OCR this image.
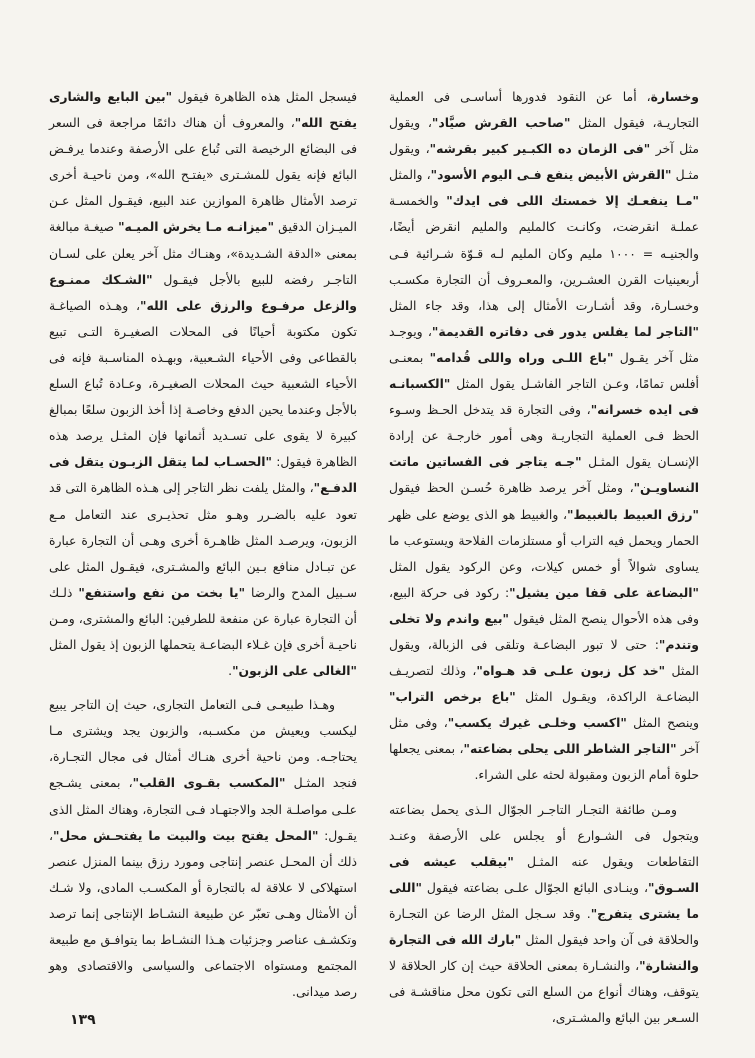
وخسارة، أما عن النقود فدورها أساسـى فى العملية التجاريـة، فيقول المثل "صاحب القرش صيَّاد"، ويقول مثل آخر "فى الزمان ده الكبـير كبير بقرشه"، ويقول مثـل "القرش الأبيض ينفع فـى اليوم الأسود"، والمثل "مـا ينفعـك إلا خمستك اللى فى ايدك" والخمسـة عملـة انقرضت، وكانـت كالمليم والمليم انقرض أيضًا، والجنيـه = ١٠٠٠ مليم وكان المليم لـه قـوّة شـرائية فـى أربعينيات القرن العشـرين، والمعـروف أن التجارة مكسـب وخسـارة، وقد أشـارت الأمثال إلى هذا، وقد جاء المثل "التاجر لما يفلس يدور فى دفاتره القديمة"، ويوجـد مثل آخر يقـول "باع اللـى وراه واللى قُدامه" بمعنـى أفلس تمامًا، وعـن التاجر الفاشـل يقول المثل "الكسبانـه فى ايده خسرانه"، وفى التجارة قد يتدخل الحـظ وسـوء الحظ فـى العملية التجاريـة وهى أمور خارجـة عن إرادة الإنسـان يقول المثـل "جـه يتاجر فى الفساتين ماتت النساويـن"، ومثل آخر يرصد ظاهرة حُسـن الحظ فيقول "رزق العبيط بالغبيط"، والغبيط هو الذى يوضع على ظهر الحمار ويحمل فيه التراب أو مستلزمات الفلاحة ويستوعب ما يساوى شوالاً أو خمس كيلات، وعن الركود يقول المثل "البضاعة على قفا مين يشيل": ركود فى حركة البيع، وفى هذه الأحوال ينصح المثل فيقول "بيع واندم ولا تخلى وتندم": حتى لا تبور البضاعـة وتلقى فى الزبالة، ويقول المثل "خد كل زبون علـى قد هـواه"، وذلك لتصريـف البضاعـة الراكدة، ويقـول المثل "باع برخص التراب" وينصح المثل "اكسب وخلـى غيرك يكسب"، وفى مثل آخر "التاجر الشاطر اللى يحلى بضاعته"، بمعنى يجعلها حلوة أمام الزبون ومقبولة لحثه على الشراء.

ومـن طائفة التجـار التاجـر الجوّال الـذى يحمل بضاعته ويتجول فى الشـوارع أو يجلس على الأرصفة وعنـد التقاطعات ويقول عنه المثـل "بيقلب عيشه فى السـوق"، وينـادى البائع الجوّال علـى بضاعته فيقول "اللى ما يشترى يتفرج". وقد سـجل المثل الرضا عن التجـارة والحلاقة فى آن واحد فيقول المثل "بارك الله فى التجارة والنشارة"، والنشـارة بمعنى الحلاقة حيث إن كار الحلاقة لا يتوقف، وهناك أنواع من السلع التى تكون محل مناقشـة فى السـعر بين البائع والمشـترى،

فيسجل المثل هذه الظاهرة فيقول "بين البايع والشارى يفتح الله"، والمعروف أن هناك دائمًا مراجعة فى السعر فى البضائع الرخيصة التى تُباع على الأرصفة وعندما يرفـض البائع فإنه يقول للمشـترى «يفتـح الله»، ومن ناحيـة أخرى ترصد الأمثال ظاهرة الموازين عند البيع، فيقـول المثل عـن الميـزان الدقيق "ميزانـه مـا يخرش الميـه" صيغـة مبالغة بمعنى «الدقة الشـديدة»، وهنـاك مثل آخر يعلن على لسـان التاجـر رفضه للبيع بالأجل فيقـول "الشـكك ممنـوع والزعل مرفـوع والرزق على الله"، وهـذه الصياغـة تكون مكتوبة أحيانًا فى المحلات الصغيـرة التـى تبيع بالقطاعى وفى الأحياء الشـعبية، وبهـذه المناسـبة فإنه فى الأحياء الشعبية حيث المحلات الصغيـرة، وعـادة تُباع السلع بالأجل وعندما يحين الدفع وخاصـة إذا أخذ الزبون سلعًا بمبالغ كبيرة لا يقوى على تسـديد أثمانها فإن المثـل يرصد هذه الظاهرة فيقول: "الحسـاب لما يتقل الزبـون يتقل فى الدفـع"، والمثل يلفت نظر التاجر إلى هـذه الظاهرة التى قد تعود عليه بالضـرر وهـو مثل تحذيـرى عند التعامل مـع الزبون، ويرصـد المثل ظاهـرة أخرى وهـى أن التجارة عبارة عن تبـادل منافع بـين البائع والمشـترى، فيقـول المثل على سـبيل المدح والرضا "يا بخت من نفع واستنفع" ذلـك أن التجارة عبارة عن منفعة للطرفين: البائع والمشترى، ومـن ناحيـة أخرى فإن غـلاء البضاعـة يتحملها الزبون إذ يقول المثل "الغالى على الزبون".

وهـذا طبيعـى فـى التعامل التجارى، حيث إن التاجر يبيع ليكسب ويعيش من مكسـبه، والزبون يجد ويشترى مـا يحتاجـه. ومن ناحية أخرى هنـاك أمثال فى مجال التجـارة، فنجد المثـل "المكسب بقـوى القلب"، بمعنى يشـجع علـى مواصلـة الجد والاجتهـاد فـى التجارة، وهناك المثل الذى يقـول: "المحل يفتح بيت والبيت ما يفتحـش محل"، ذلك أن المحـل عنصر إنتاجى ومورد رزق بينما المنزل عنصر استهلاكى لا علاقة له بالتجارة أو المكسـب المادى، ولا شـك أن الأمثال وهـى تعبّر عن طبيعة النشـاط الإنتاجى إنما ترصد وتكشـف عناصر وجزئيات هـذا النشـاط بما يتوافـق مع طبيعة المجتمع ومستواه الاجتماعى والسياسى والاقتصادى وهو رصد ميدانى.

١٣٩
